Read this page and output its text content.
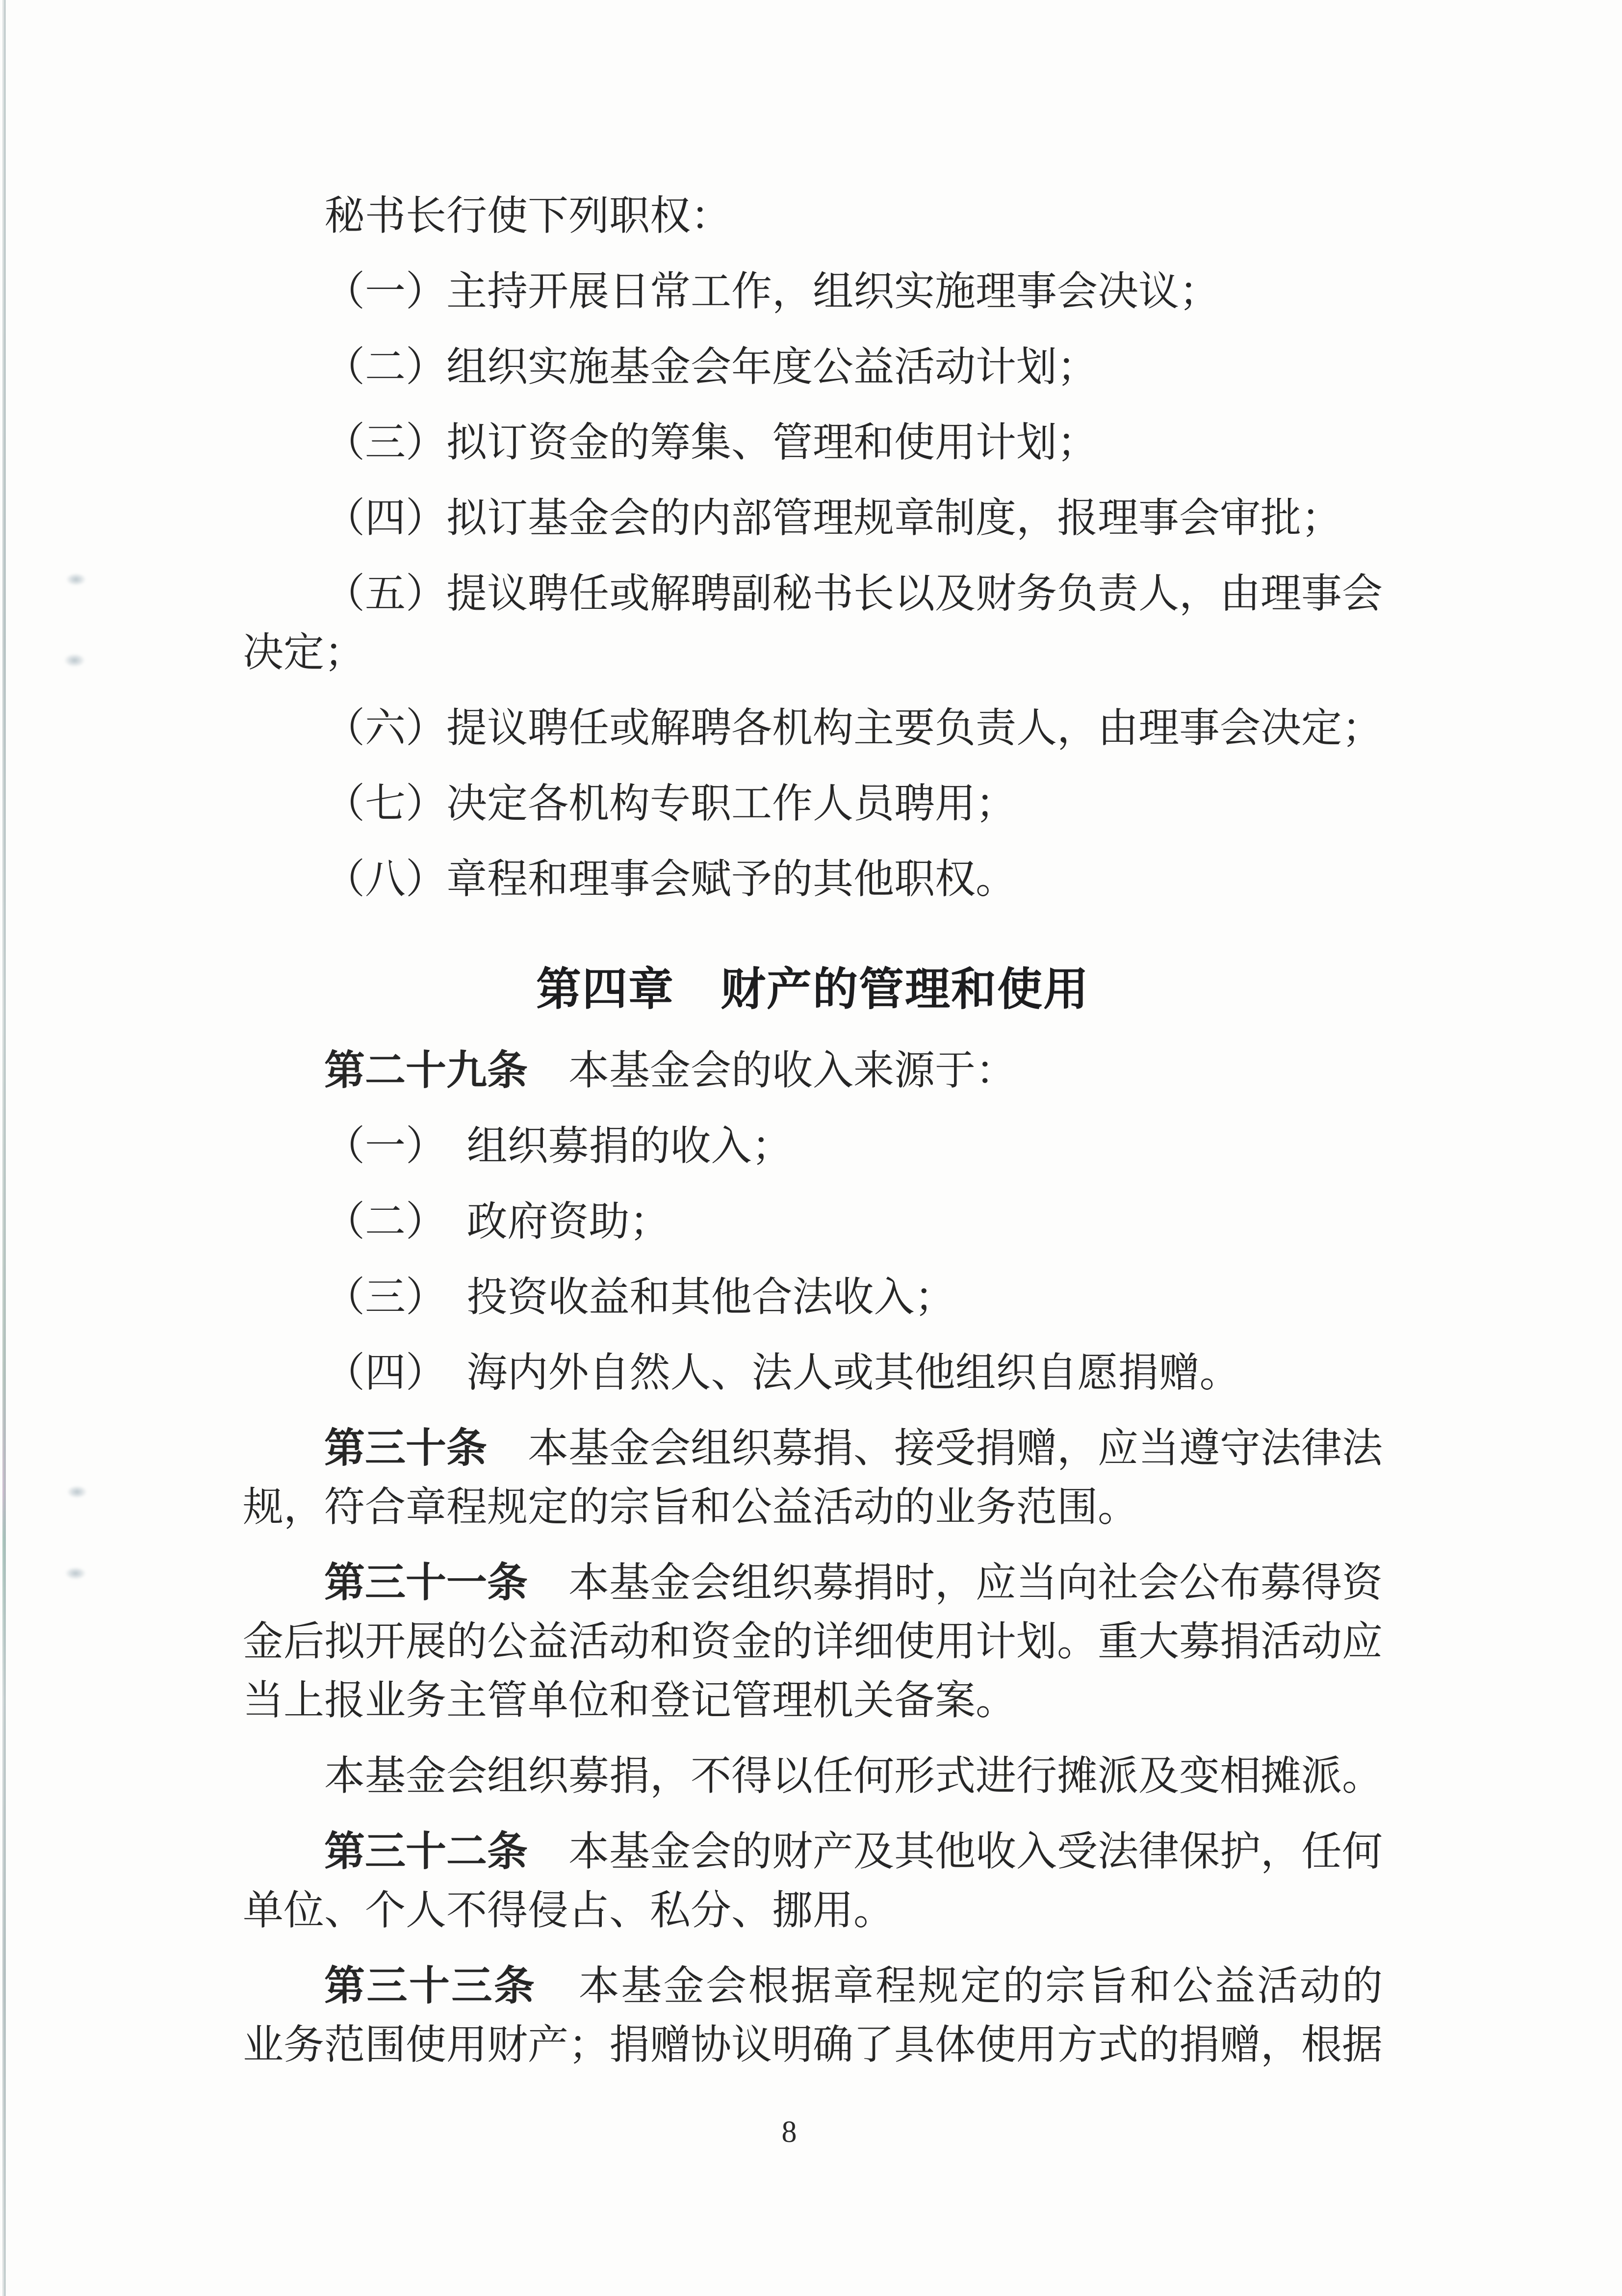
秘书长行使下列职权：

（一）主持开展日常工作，组织实施理事会决议；

（二）组织实施基金会年度公益活动计划；

（三）拟订资金的筹集、管理和使用计划；

（四）拟订基金会的内部管理规章制度，报理事会审批；

（五）提议聘任或解聘副秘书长以及财务负责人，由理事会
决定；

（六）提议聘任或解聘各机构主要负责人，由理事会决定；

（七）决定各机构专职工作人员聘用；

（八）章程和理事会赋予的其他职权。

第四章　财产的管理和使用

第二十九条　本基金会的收入来源于：

（一）　组织募捐的收入；

（二）　政府资助；

（三）　投资收益和其他合法收入；

（四）　海内外自然人、法人或其他组织自愿捐赠。

第三十条　本基金会组织募捐、接受捐赠，应当遵守法律法
规，符合章程规定的宗旨和公益活动的业务范围。

第三十一条　本基金会组织募捐时，应当向社会公布募得资
金后拟开展的公益活动和资金的详细使用计划。重大募捐活动应
当上报业务主管单位和登记管理机关备案。

本基金会组织募捐，不得以任何形式进行摊派及变相摊派。

第三十二条　本基金会的财产及其他收入受法律保护，任何
单位、个人不得侵占、私分、挪用。

第三十三条　本基金会根据章程规定的宗旨和公益活动的
业务范围使用财产；捐赠协议明确了具体使用方式的捐赠，根据

8
